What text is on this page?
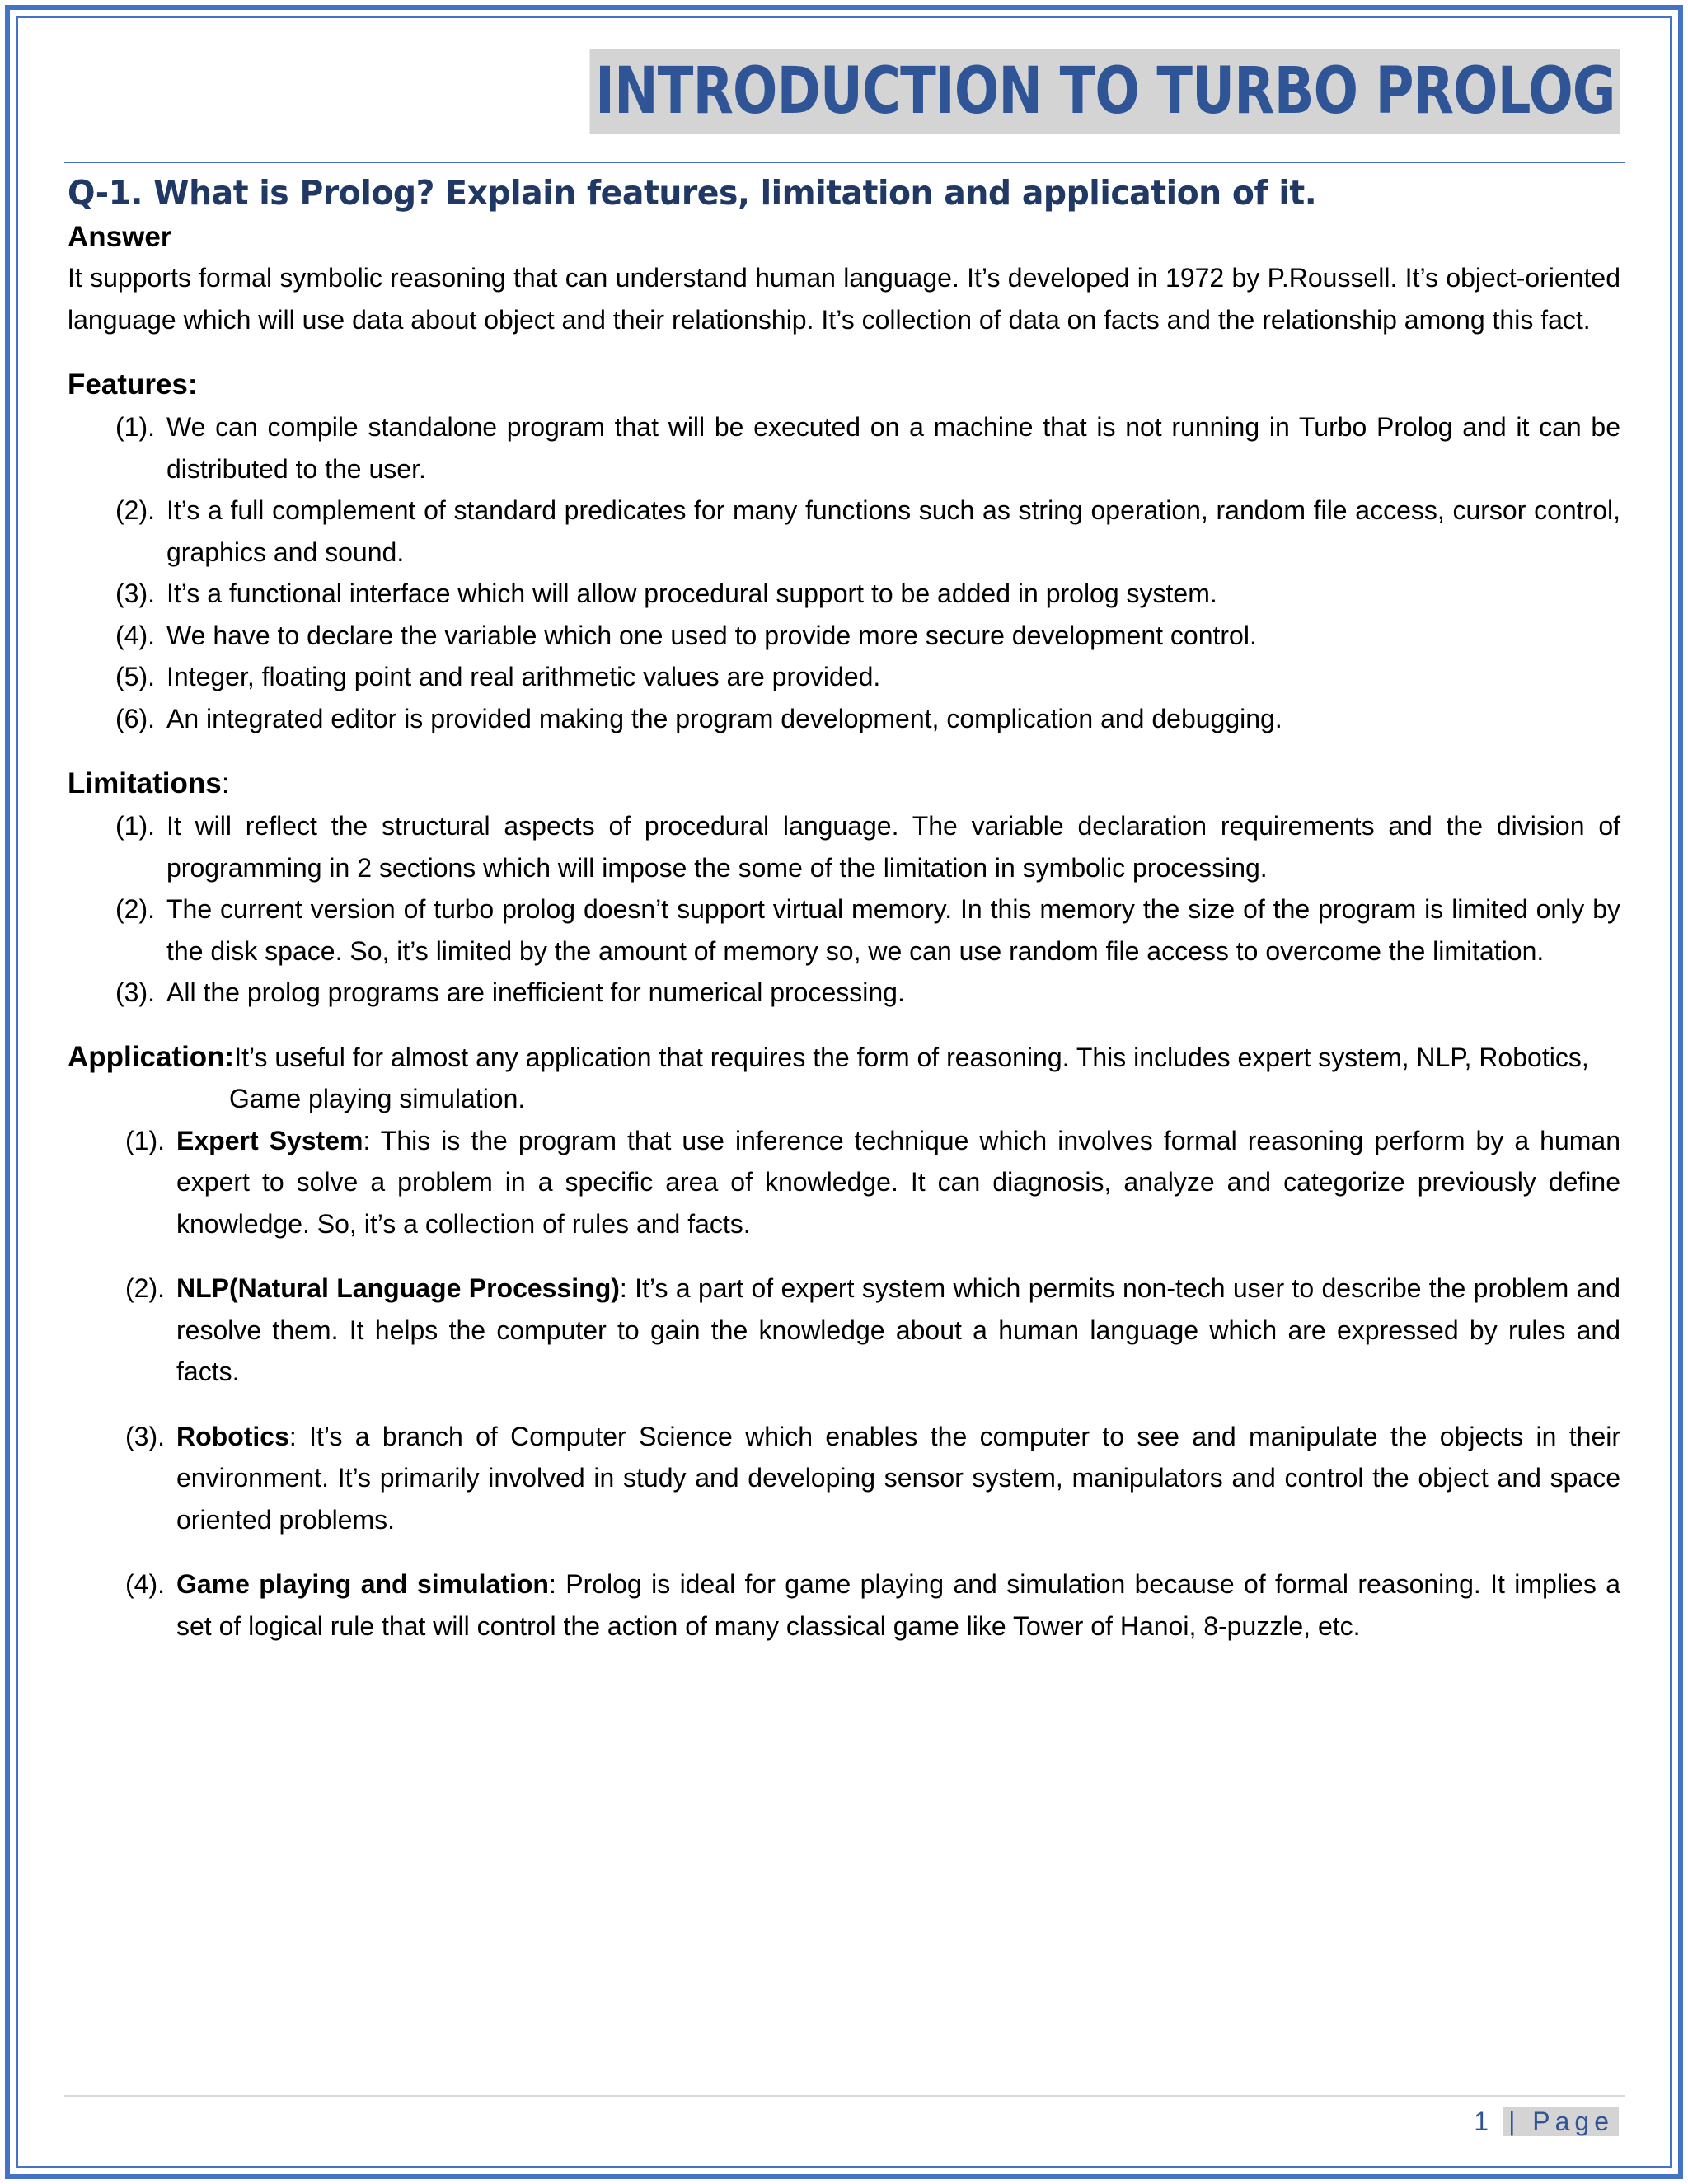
INTRODUCTION TO TURBO PROLOG
Q-1. What is Prolog? Explain features, limitation and application of it.
Answer

It supports formal symbolic reasoning that can understand human language. It’s developed in 1972 by P.Roussell. It’s object-oriented language which will use data about object and their relationship. It’s collection of data on facts and the relationship among this fact.

Features:
(1). We can compile standalone program that will be executed on a machine that is not running in Turbo Prolog and it can be distributed to the user.
(2). It’s a full complement of standard predicates for many functions such as string operation, random file access, cursor control, graphics and sound.
(3). It’s a functional interface which will allow procedural support to be added in prolog system.
(4). We have to declare the variable which one used to provide more secure development control.
(5). Integer, floating point and real arithmetic values are provided.
(6). An integrated editor is provided making the program development, complication and debugging.
Limitations:
(1). It will reflect the structural aspects of procedural language. The variable declaration requirements and the division of programming in 2 sections which will impose the some of the limitation in symbolic processing.
(2). The current version of turbo prolog doesn’t support virtual memory. In this memory the size of the program is limited only by the disk space. So, it’s limited by the amount of memory so, we can use random file access to overcome the limitation.
(3). All the prolog programs are inefficient for numerical processing.
Application:It’s useful for almost any application that requires the form of reasoning. This includes expert system, NLP, Robotics, Game playing simulation.
(1). Expert System: This is the program that use inference technique which involves formal reasoning perform by a human expert to solve a problem in a specific area of knowledge. It can diagnosis, analyze and categorize previously define knowledge. So, it’s a collection of rules and facts.
(2). NLP(Natural Language Processing): It’s a part of expert system which permits non-tech user to describe the problem and resolve them. It helps the computer to gain the knowledge about a human language which are expressed by rules and facts.
(3). Robotics: It’s a branch of Computer Science which enables the computer to see and manipulate the objects in their environment. It’s primarily involved in study and developing sensor system, manipulators and control the object and space oriented problems.
(4). Game playing and simulation: Prolog is ideal for game playing and simulation because of formal reasoning. It implies a set of logical rule that will control the action of many classical game like Tower of Hanoi, 8-puzzle, etc.
1 | Page
